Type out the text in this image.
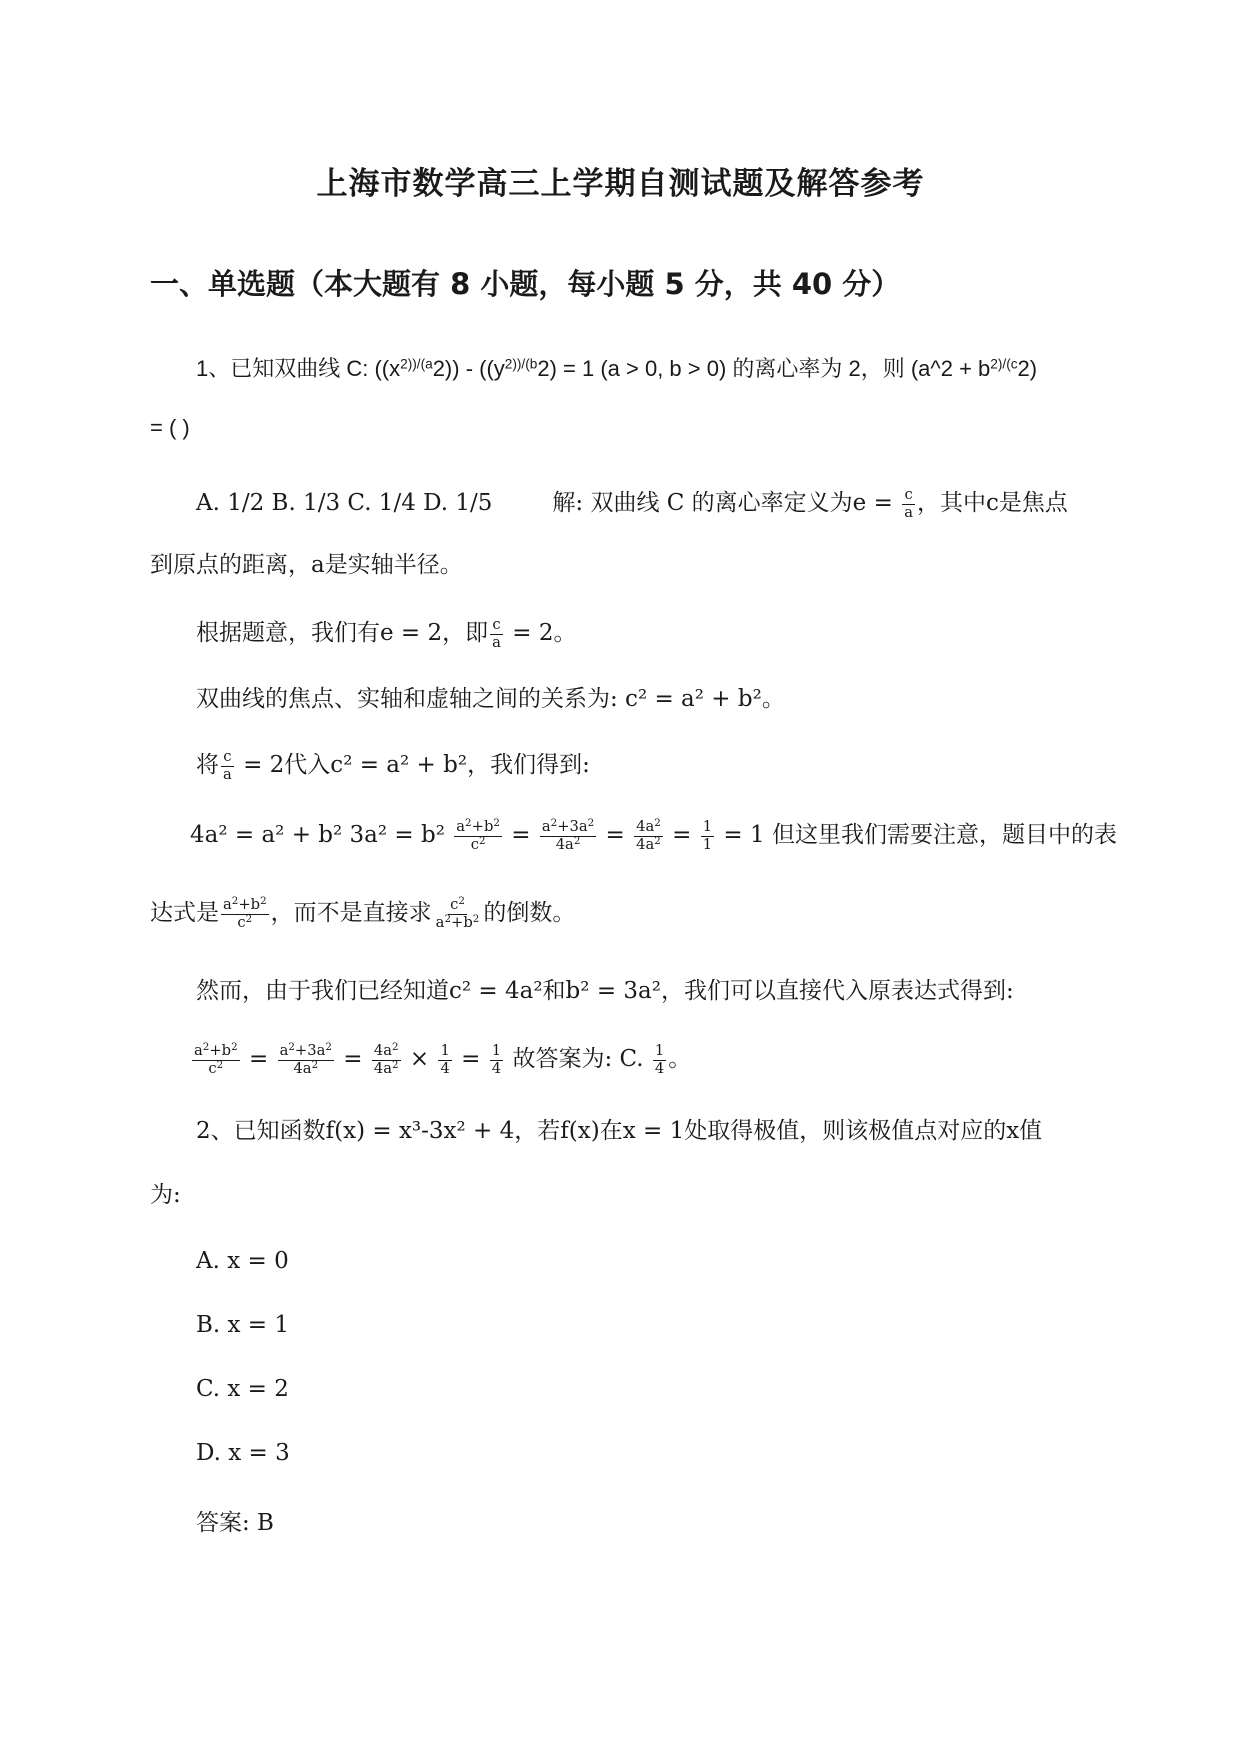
上海市数学高三上学期自测试题及解答参考
一、单选题（本大题有 8 小题，每小题 5 分，共 40 分）
1、已知双曲线 C: $((x^{2))/(a}2)) - ((y^{2))/(b}2) = 1$ (a > 0, b > 0) 的离心率为 2，则 (a^2 + $b^{2)/(c}2$)
= ( )
A. 1/2 B. 1/3 C. 1/4 D. 1/5	解: 双曲线 C 的离心率定义为$e = \frac{c}{a}$ ，其中c是焦点
到原点的距离，a是实轴半径。
根据题意，我们有e = 2，即 $\frac{c}{a} = 2$。
双曲线的焦点、实轴和虚轴之间的关系为: c² = a² + b²。
将 $\frac{c}{a} = 2$代入c² = a² + b²，我们得到:
4a² = a² + b² $3a^2 = b^2 \frac{a^2+b^2}{c^2} = \frac{a^2+3a^2}{4a^2} = \frac{4a^2}{4a^2} = \frac{1}{1} = 1$ 但这里我们需要注意，题目中的表
达式是 $\frac{a^2+b^2}{c^2}$ ，而不是直接求 $\frac{c^2}{a^2+b^2}$ 的倒数。
然而，由于我们已经知道c² = 4a²和b² = 3a²，我们可以直接代入原表达式得到:
$\frac{a^2+b^2}{c^2} = \frac{a^2+3a^2}{4a^2} = \frac{4a^2}{4a^2} \times \frac{1}{4} = \frac{1}{4}$ 故答案为: C. $\frac{1}{4}$ 。
2、已知函数f(x) = x³-3x² + 4，若f(x)在x = 1处取得极值，则该极值点对应的x值
为:
A. x = 0
B. x = 1
C. x = 2
D. x = 3
答案: B
